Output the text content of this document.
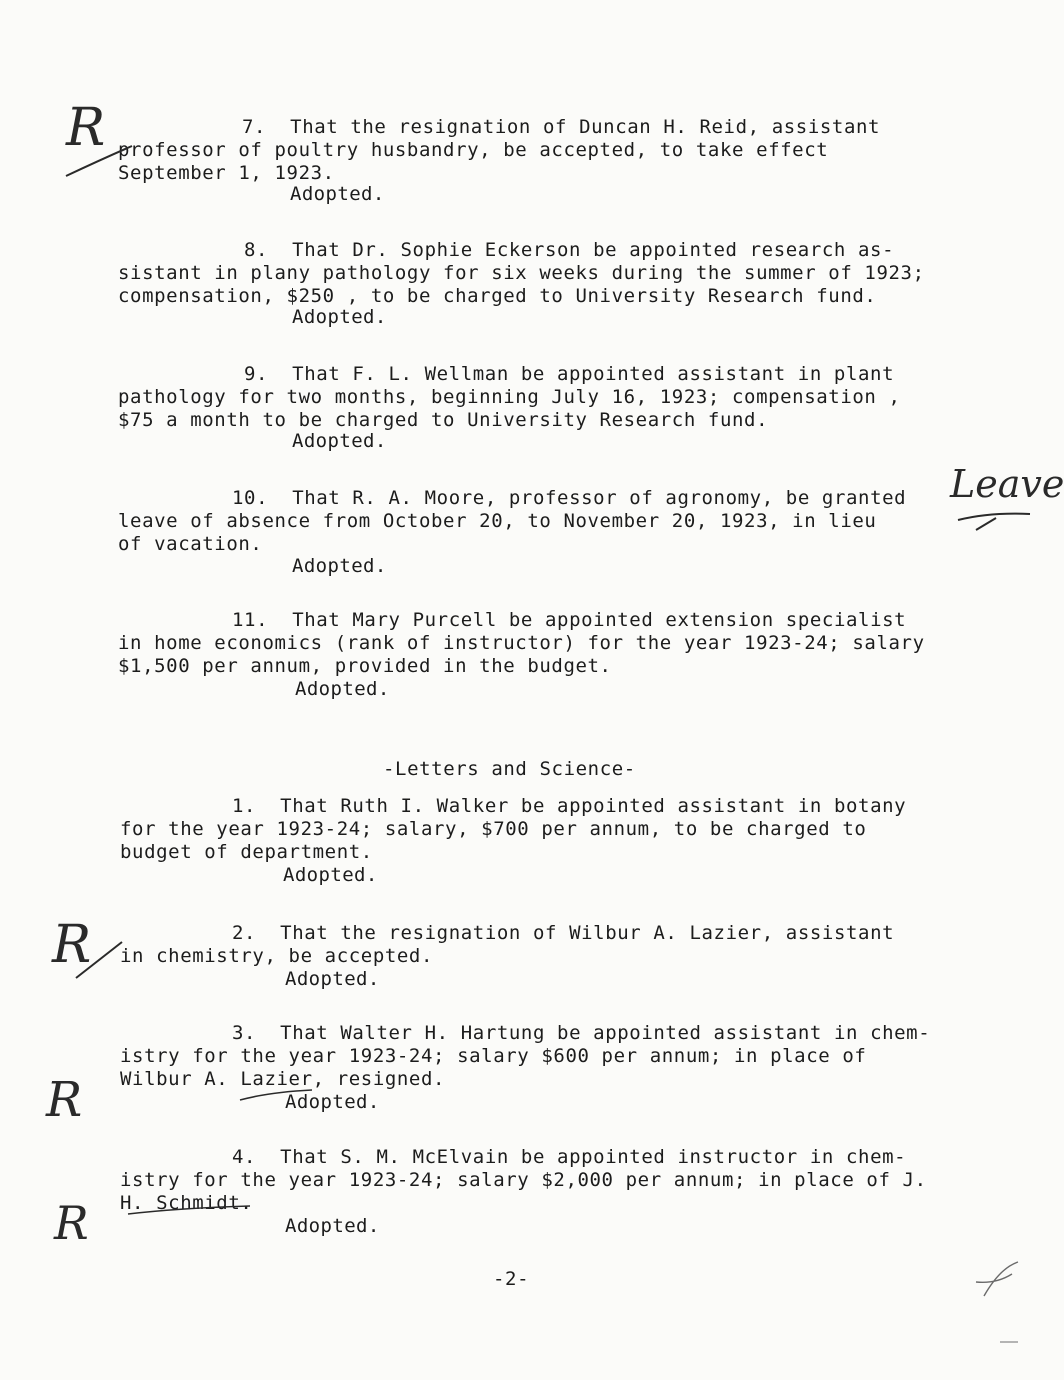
7.  That the resignation of Duncan H. Reid, assistant
professor of poultry husbandry, be accepted, to take effect
September 1, 1923.
Adopted.
8.  That Dr. Sophie Eckerson be appointed research as-
sistant in plany pathology for six weeks during the summer of 1923;
compensation, $250 , to be charged to University Research fund.
Adopted.
9.  That F. L. Wellman be appointed assistant in plant
pathology for two months, beginning July 16, 1923; compensation ,
$75 a month to be charged to University Research fund.
Adopted.
10.  That R. A. Moore, professor of agronomy, be granted
leave of absence from October 20, to November 20, 1923, in lieu
of vacation.
Adopted.
11.  That Mary Purcell be appointed extension specialist
in home economics (rank of instructor) for the year 1923-24; salary
$1,500 per annum, provided in the budget.
Adopted.
-Letters and Science-
1.  That Ruth I. Walker be appointed assistant in botany
for the year 1923-24; salary, $700 per annum, to be charged to
budget of department.
Adopted.
2.  That the resignation of Wilbur A. Lazier, assistant
in chemistry, be accepted.
Adopted.
3.  That Walter H. Hartung be appointed assistant in chem-
istry for the year 1923-24; salary $600 per annum; in place of
Wilbur A. Lazier, resigned.
Adopted.
4.  That S. M. McElvain be appointed instructor in chem-
istry for the year 1923-24; salary $2,000 per annum; in place of J.
H. Schmidt.
Adopted.
-2-
R
Leave
R
R
R
